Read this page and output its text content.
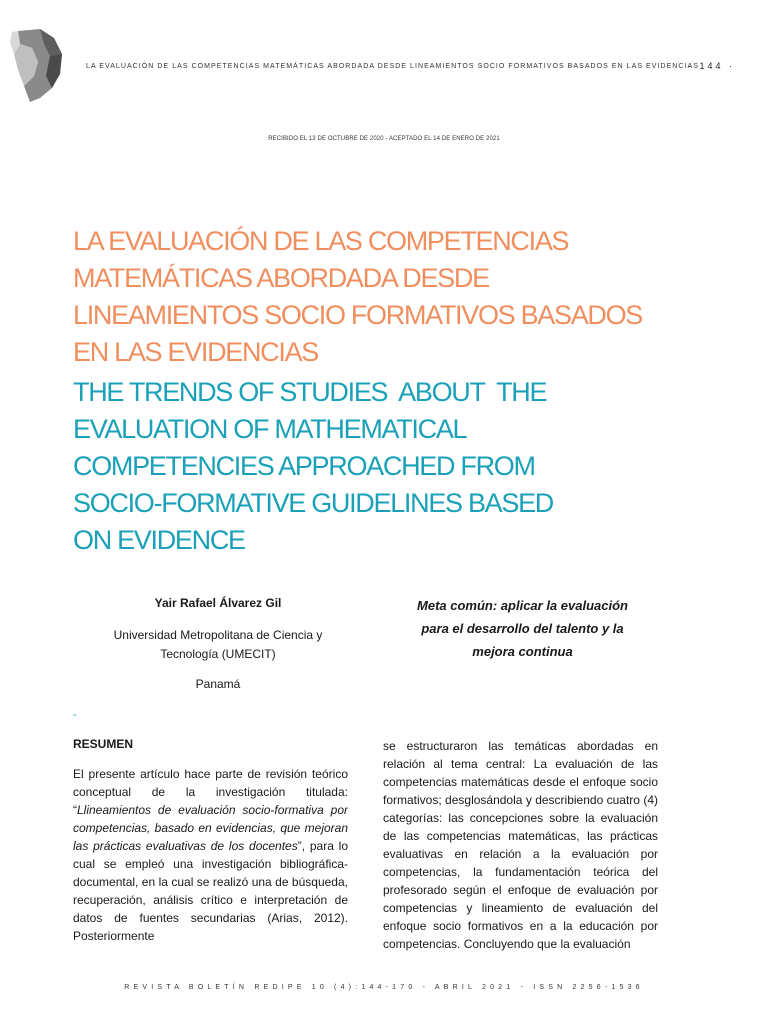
LA EVALUACIÓN DE LAS COMPETENCIAS MATEMÁTICAS ABORDADA DESDE LINEAMIENTOS SOCIO FORMATIVOS BASADOS EN LAS EVIDENCIAS
· 144 ·
RECIBIDO EL 13 DE OCTUBRE DE 2020 - ACEPTADO EL 14 DE ENERO DE 2021
LA EVALUACIÓN DE LAS COMPETENCIAS
MATEMÁTICAS ABORDADA DESDE
LINEAMIENTOS SOCIO FORMATIVOS BASADOS
EN LAS EVIDENCIAS
THE TRENDS OF STUDIES  ABOUT  THE
EVALUATION OF MATHEMATICAL
COMPETENCIES APPROACHED FROM
SOCIO-FORMATIVE GUIDELINES BASED
ON EVIDENCE
Yair Rafael Álvarez Gil
Universidad Metropolitana de Ciencia y
Tecnología (UMECIT)
Panamá
-
Meta común: aplicar la evaluación
para el desarrollo del talento y la
mejora continua
RESUMEN

El presente artículo hace parte de revisión teórico conceptual de la investigación titulada: “Llineamientos de evaluación socio-formativa por competencias, basado en evidencias, que mejoran las prácticas evaluativas de los docentes”, para lo cual se empleó una investigación bibliográfica-documental, en la cual se realizó una de búsqueda, recuperación, análisis crítico e interpretación de datos de fuentes secundarias (Arias, 2012). Posteriormente

se estructuraron las temáticas abordadas en relación al tema central: La evaluación de las competencias matemáticas desde el enfoque socio formativos; desglosándola y describiendo cuatro (4) categorías: las concepciones sobre la evaluación de las competencias matemáticas, las prácticas evaluativas en relación a la evaluación por competencias, la fundamentación teórica del profesorado según el enfoque de evaluación por competencias y lineamiento de evaluación del enfoque socio formativos en a la educación por competencias. Concluyendo que la evaluación

REVISTA BOLETÍN REDIPE 10 (4):144-170 - ABRIL 2021 - ISSN 2256-1536
